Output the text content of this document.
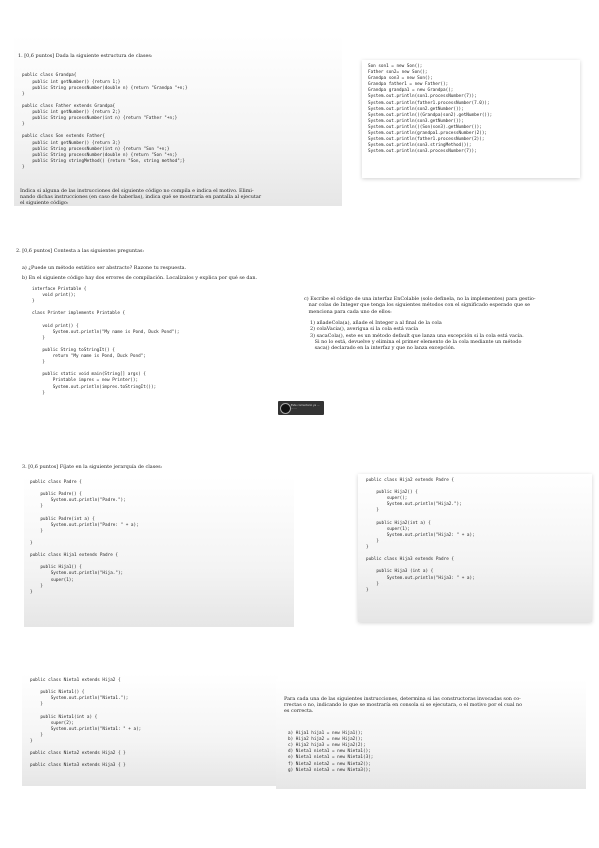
1. [0,6 puntos] Dada la siguiente estructura de clases:

public class Grandpa{
public int getNumber() {return 1;}
public String processNumber(double n) {return "Grandpa "+n;}
}

public class Father extends Grandpa{
public int getNumber() {return 2;}
public String processNumber(int n) {return "Father "+n;}
}

public class Son extends Father{
public int getNumber() {return 3;}
public String processNumber(int n) {return "Son "+n;}
public String processNumber(double n) {return "Son "+n;}
public String stringMethod() {return "Son, string method";}
}

Indica si alguna de las instrucciones del siguiente código no compila e indica el motivo. Elimi-
nando dichas instrucciones (en caso de haberlas), indica qué se mostraría en pantalla al ejecutar
el siguiente código:

Son son1 = new Son();
Father son2= new Son();
Grandpa son3 = new Son();
Grandpa father1 = new Father();
Grandpa grandpa1 = new Grandpa();
System.out.println(son1.processNumber(7));
System.out.println(father1.processNumber(7.0));
System.out.println(son2.getNumber());
System.out.println(((Grandpa)son2).getNumber());
System.out.println(son3.getNumber());
System.out.println(((Son)son3).getNumber());
System.out.println(grandpa1.processNumber(2));
System.out.println(father1.processNumber(2));
System.out.println(son3.stringMethod());
System.out.println(son3.processNumber(7));
2. [0,6 puntos] Contesta a las siguientes preguntas:
a) ¿Puede un método estático ser abstracto? Razone tu respuesta.
b) En el siguiente código hay dos errores de compilación. Localízalos y explica por qué se dan.
interface Printable {
void print();
}

class Printer implements Printable {

void print() {
System.out.println("My name is Pond, Duck Pond");
}

public String toStringIt() {
return "My name is Pond, Duck Pond";
}

public static void main(String[] args) {
Printable impres = new Printer();
System.out.println(impres.toStringIt());
}
c) Escribe el código de una interfaz EnColable (solo definela, no la implementes) para gestio-
nar colas de Integer que tenga los siguientes métodos con el significado esperado que se
menciona para cada uno de ellos:
1) añadeCola(a), añade el Integer a al final de la cola
2) colaVacia(), averigua si la cola está vacía
3) sacaCola(), este es un método default que lanza una excepción si la cola está vacía.
Si no lo está, devuelve y elimina el primer elemento de la cola mediante un método
saca() declarado en la interfaz y que no lanza excepción.
Este comentario ya ... ... ...
3. [0,6 puntos] Fíjate en la siguiente jerarquía de clases:
public class Padre {

public Padre() {
System.out.println("Padre.");
}

public Padre(int a) {
System.out.println("Padre: " + a);
}

}

public class Hija1 extends Padre {

public Hija1() {
System.out.println("Hija.");
super(1);
}
}
public class Hija2 extends Padre {

public Hija2() {
super();
System.out.println("Hija2.");
}

public Hija2(int a) {
super(1);
System.out.println("Hija2: " + a);
}
}

public class Hija3 extends Padre {

public Hija3 (int a) {
System.out.println("Hija3: " + a);
}
}
public class Nieta1 extends Hija2 {

public Nieta1() {
System.out.println("Nieta1.");
}

public Nieta1(int a) {
super(2);
System.out.println("Nieta1: " + a);
}
}

public class Nieta2 extends Hija2 { }

public class Nieta3 extends Hija3 { }

Para cada una de las siguientes instrucciones, determina si las constructoras invocadas son co-
rrectas o no, indicando lo que se mostraría en consola si se ejecutara, o el motivo por el cual no
es correcta.

a) Hija1 hija1 = new Hija1();
b) Hija2 hija2 = new Hija2();
c) Hija2 hija3 = new Hija2(2);
d) Nieta1 nieta1 = new Nieta1();
e) Nieta1 nieta1 = new Nieta1(3);
f) Nieta2 nieta2 = new Nieta2();
g) Nieta3 nieta3 = new Nieta3();
